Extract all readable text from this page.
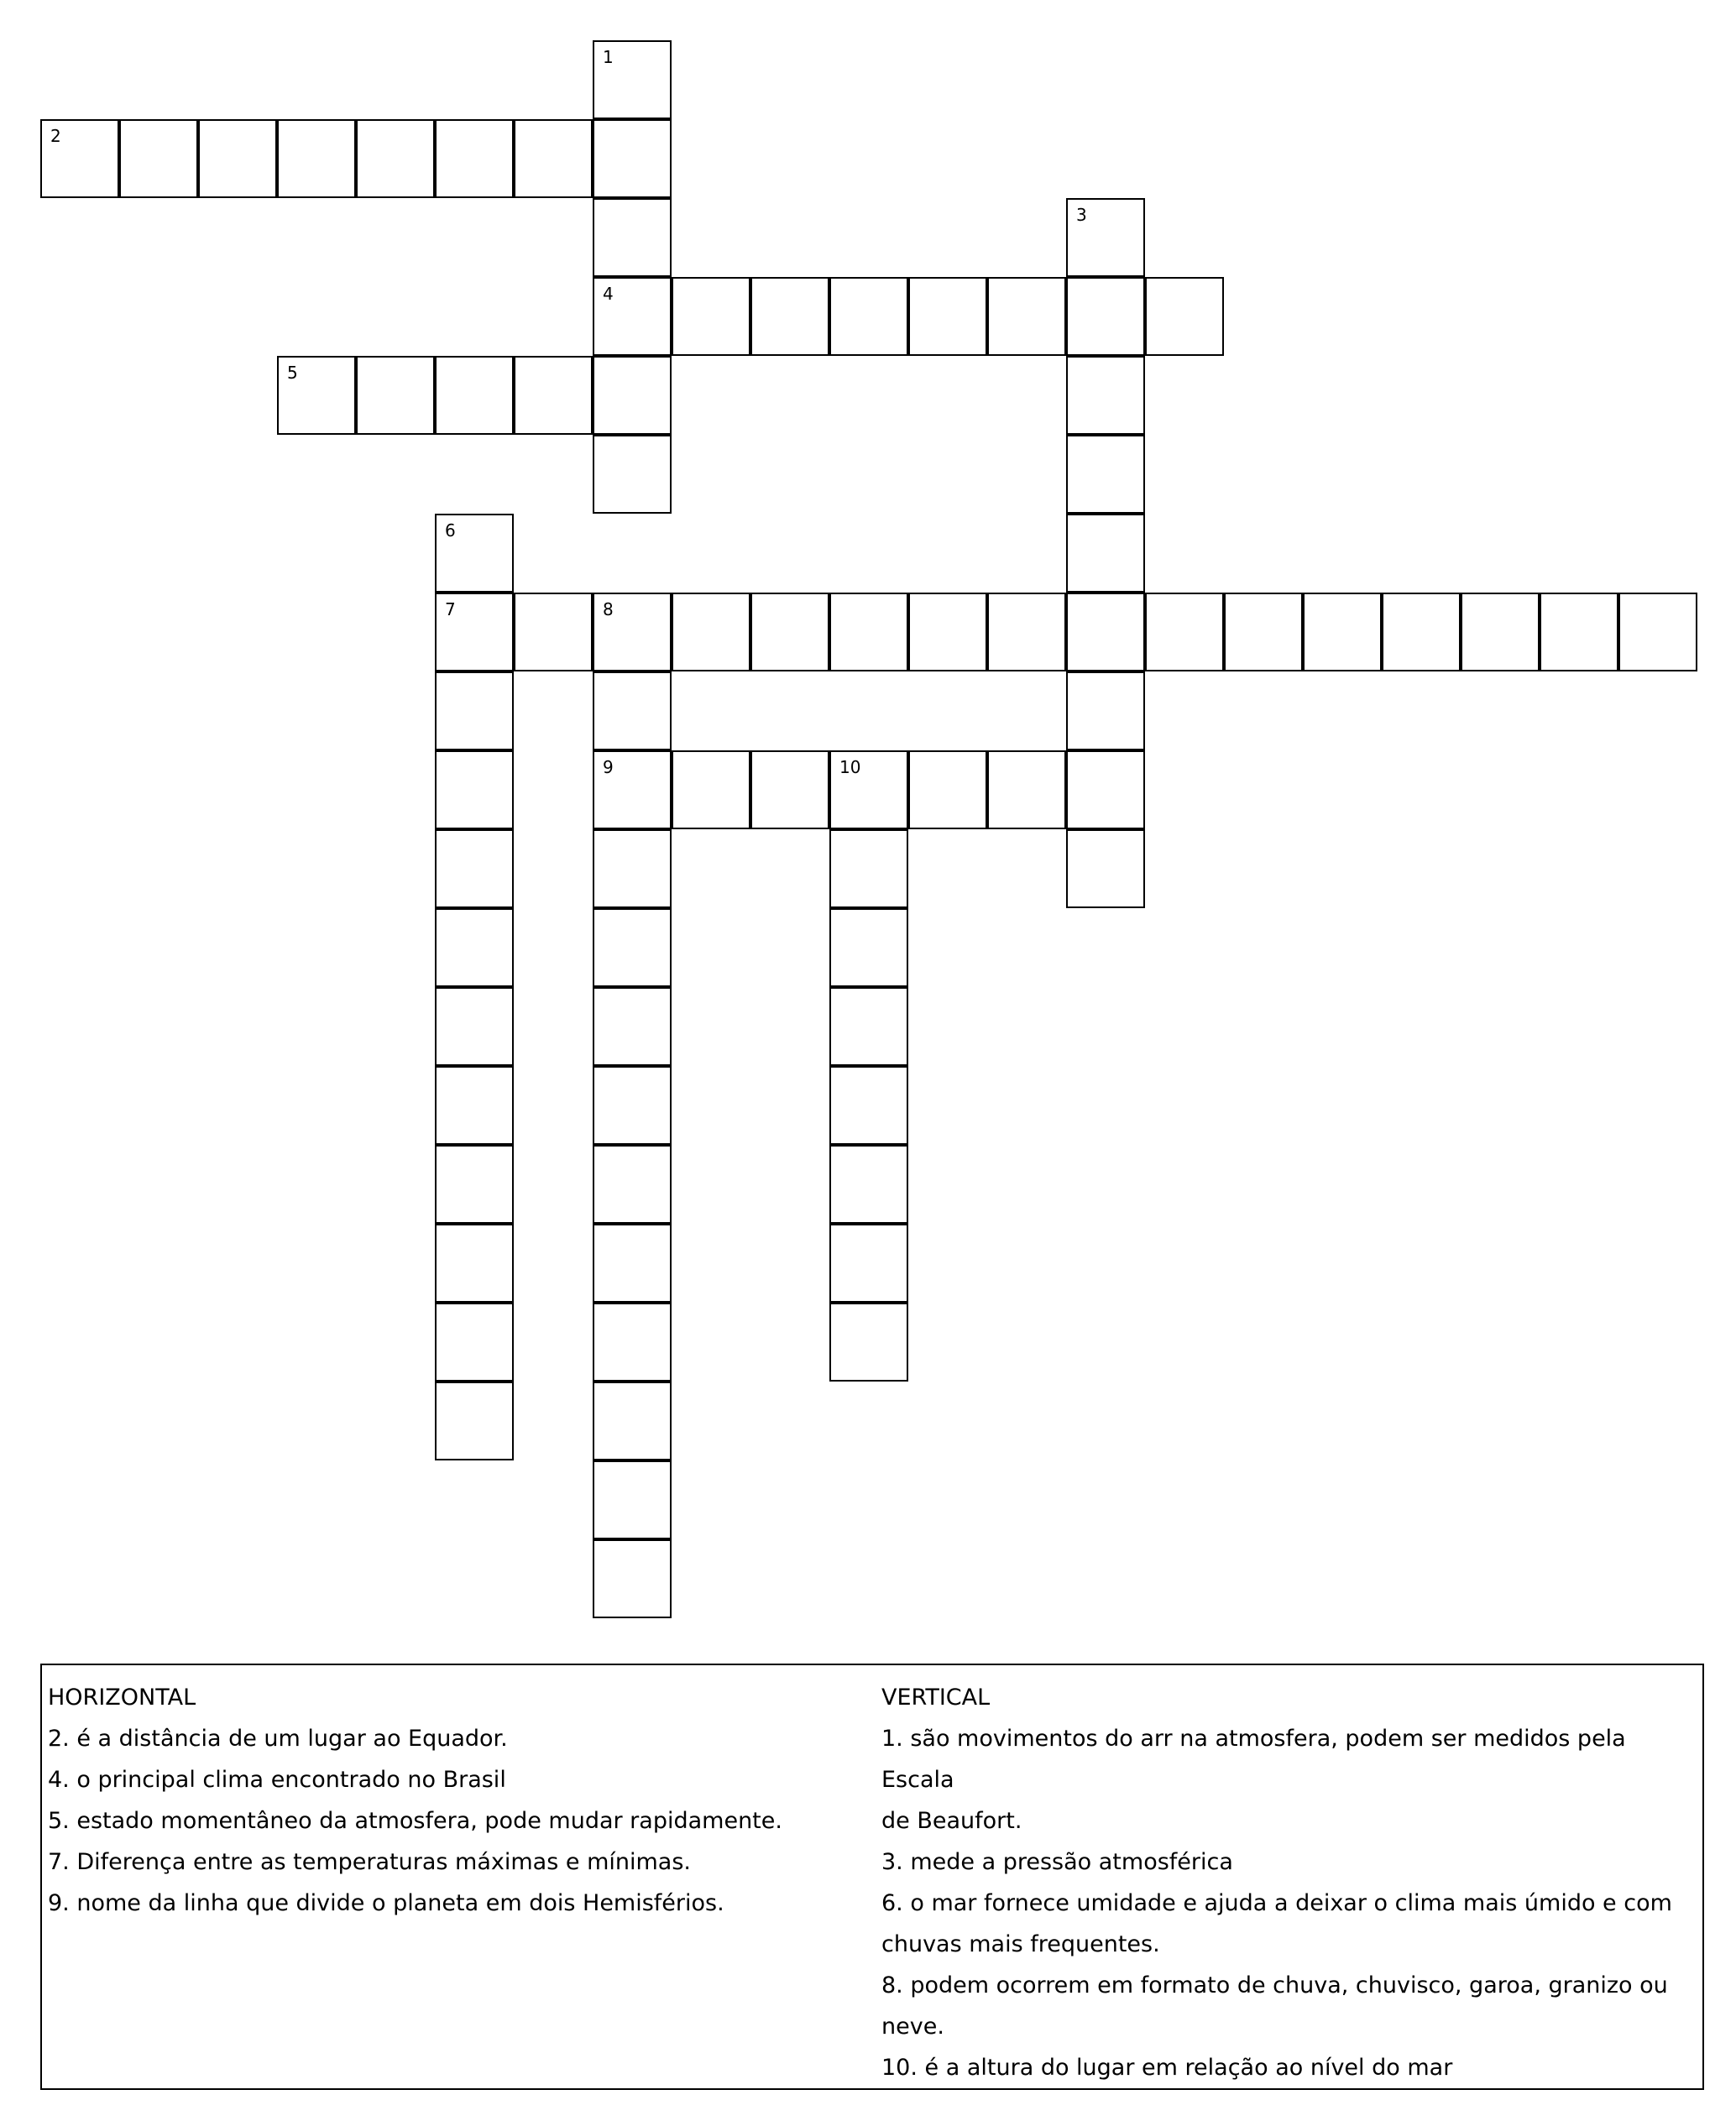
1
4
2
3
5
6
7	8
9	10
HORIZONTAL
2. é a distância de um lugar ao Equador.
4. o principal clima encontrado no Brasil
5. estado momentâneo da atmosfera, pode mudar rapidamente.
7. Diferença entre as temperaturas máximas e mínimas.
9. nome da linha que divide o planeta em dois Hemisférios.
VERTICAL
1. são movimentos do arr na atmosfera, podem ser medidos pela Escala
de Beaufort.
3. mede a pressão atmosférica
6. o mar fornece umidade e ajuda a deixar o clima mais úmido e com
chuvas mais frequentes.
8. podem ocorrem em formato de chuva, chuvisco, garoa, granizo ou
neve.
10. é a altura do lugar em relação ao nível do mar
